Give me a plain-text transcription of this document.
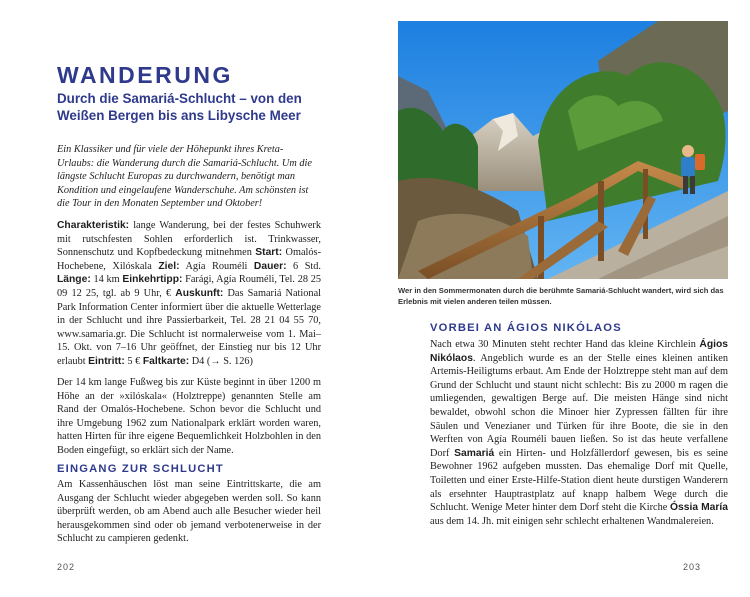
WANDERUNG
Durch die Samariá-Schlucht – von den Weißen Bergen bis ans Libysche Meer

Ein Klassiker und für viele der Höhepunkt ihres Kreta-Urlaubs: die Wanderung durch die Samariá-Schlucht. Um die längste Schlucht Europas zu durchwandern, benötigt man Kondition und eingelaufene Wanderschuhe. Am schönsten ist die Tour in den Monaten September und Oktober!

Charakteristik: lange Wanderung, bei der festes Schuhwerk mit rutschfesten Sohlen erforderlich ist. Trinkwasser, Sonnenschutz und Kopfbedeckung mitnehmen Start: Omalós-Hochebene, Xilóskala Ziel: Agía Rouméli Dauer: 6 Std. Länge: 14 km Einkehrtipp: Farági, Agía Rouméli, Tel. 28 25 09 12 25, tgl. ab 9 Uhr, € Auskunft: Das Samariá National Park Information Center informiert über die aktuelle Wetterlage in der Schlucht und ihre Passierbarkeit, Tel. 28 21 04 55 70, www.samaria.gr. Die Schlucht ist normalerweise vom 1. Mai–15. Okt. von 7–16 Uhr geöffnet, der Einstieg nur bis 12 Uhr erlaubt Eintritt: 5 € Faltkarte: D4 (→ S. 126)

Der 14 km lange Fußweg bis zur Küste beginnt in über 1200 m Höhe an der »xilóskala« (Holztreppe) genannten Stelle am Rand der Omalós-Hochebene. Schon bevor die Schlucht und ihre Umgebung 1962 zum Nationalpark erklärt worden waren, hatten Hirten für ihre eigene Bequemlichkeit Holzbohlen in den Boden eingefügt, so erklärt sich der Name.

EINGANG ZUR SCHLUCHT

Am Kassenhäuschen löst man seine Eintrittskarte, die am Ausgang der Schlucht wieder abgegeben werden soll. So kann überprüft werden, ob am Abend auch alle Besucher wieder heil herausgekommen sind oder ob jemand verbotenerweise in der Schlucht zu campieren gedenkt.

202

Wer in den Sommermonaten durch die berühmte Samariá-Schlucht wandert, wird sich das Erlebnis mit vielen anderen teilen müssen.

VORBEI AN ÁGIOS NIKÓLAOS

Nach etwa 30 Minuten steht rechter Hand das kleine Kirchlein Ágios Nikólaos. Angeblich wurde es an der Stelle eines kleinen antiken Artemis-Heiligtums erbaut. Am Ende der Holztreppe steht man auf dem Grund der Schlucht und staunt nicht schlecht: Bis zu 2000 m ragen die umliegenden, gewaltigen Berge auf. Die meisten Hänge sind nicht bewaldet, obwohl schon die Minoer hier Zypressen fällten für ihre Säulen und Venezianer und Türken für ihre Boote, die sie in den Werften von Agía Rouméli bauen ließen. So ist das heute verfallene Dorf Samariá ein Hirten- und Holzfällerdorf gewesen, bis es seine Bewohner 1962 aufgeben mussten. Das ehemalige Dorf mit Quelle, Toiletten und einer Erste-Hilfe-Station dient heute durstigen Wanderern als ersehnter Hauptrastplatz auf knapp halbem Wege durch die Schlucht. Wenige Meter hinter dem Dorf steht die Kirche Óssia María aus dem 14. Jh. mit einigen sehr schlecht erhaltenen Wandmalereien.

203
